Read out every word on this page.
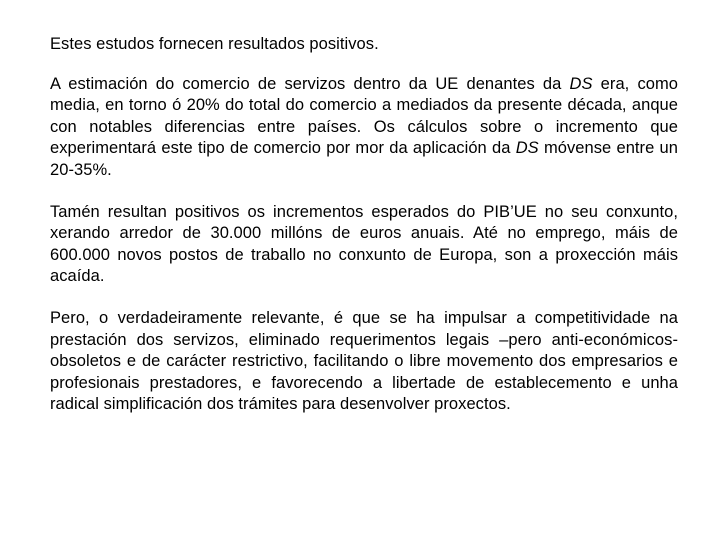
Estes estudos fornecen resultados positivos.

A estimación do comercio de servizos dentro da UE denantes da DS era, como media, en torno ó 20% do total do comercio a mediados da presente década, anque con notables diferencias entre países. Os cálculos sobre o incremento que experimentará este tipo de comercio por mor da aplicación da DS móvense entre un 20-35%.

Tamén resultan positivos os incrementos esperados do PIB’UE no seu conxunto, xerando arredor de 30.000 millóns de euros anuais. Até no emprego, máis de 600.000 novos postos de traballo no conxunto de Europa, son a proxección máis acaída.

Pero, o verdadeiramente relevante, é que se ha impulsar a competitividade na prestación dos servizos, eliminado requerimentos legais –pero anti-económicos- obsoletos e de carácter restrictivo, facilitando o libre movemento dos empresarios e profesionais prestadores, e favorecendo a libertade de establecemento e unha radical simplificación dos trámites para desenvolver proxectos.
